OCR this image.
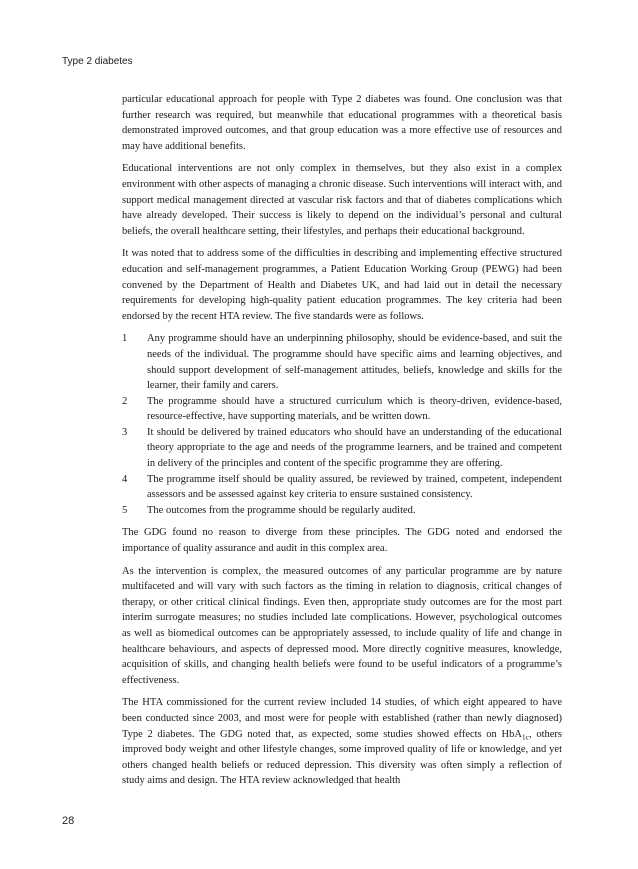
Type 2 diabetes

particular educational approach for people with Type 2 diabetes was found. One conclusion was that further research was required, but meanwhile that educational programmes with a theoretical basis demonstrated improved outcomes, and that group education was a more effective use of resources and may have additional benefits.

Educational interventions are not only complex in themselves, but they also exist in a complex environment with other aspects of managing a chronic disease. Such interventions will interact with, and support medical management directed at vascular risk factors and that of diabetes complications which have already developed. Their success is likely to depend on the individual’s personal and cultural beliefs, the overall healthcare setting, their lifestyles, and perhaps their educational background.

It was noted that to address some of the difficulties in describing and implementing effective structured education and self-management programmes, a Patient Education Working Group (PEWG) had been convened by the Department of Health and Diabetes UK, and had laid out in detail the necessary requirements for developing high-quality patient education programmes. The key criteria had been endorsed by the recent HTA review. The five standards were as follows.

1 Any programme should have an underpinning philosophy, should be evidence-based, and suit the needs of the individual. The programme should have specific aims and learning objectives, and should support development of self-management attitudes, beliefs, knowledge and skills for the learner, their family and carers.
2 The programme should have a structured curriculum which is theory-driven, evidence-based, resource-effective, have supporting materials, and be written down.
3 It should be delivered by trained educators who should have an understanding of the educational theory appropriate to the age and needs of the programme learners, and be trained and competent in delivery of the principles and content of the specific programme they are offering.
4 The programme itself should be quality assured, be reviewed by trained, competent, independent assessors and be assessed against key criteria to ensure sustained consistency.
5 The outcomes from the programme should be regularly audited.

The GDG found no reason to diverge from these principles. The GDG noted and endorsed the importance of quality assurance and audit in this complex area.

As the intervention is complex, the measured outcomes of any particular programme are by nature multifaceted and will vary with such factors as the timing in relation to diagnosis, critical changes of therapy, or other critical clinical findings. Even then, appropriate study outcomes are for the most part interim surrogate measures; no studies included late complications. However, psychological outcomes as well as biomedical outcomes can be appropriately assessed, to include quality of life and change in healthcare behaviours, and aspects of depressed mood. More directly cognitive measures, knowledge, acquisition of skills, and changing health beliefs were found to be useful indicators of a programme’s effectiveness.

The HTA commissioned for the current review included 14 studies, of which eight appeared to have been conducted since 2003, and most were for people with established (rather than newly diagnosed) Type 2 diabetes. The GDG noted that, as expected, some studies showed effects on HbA$_{1c}$, others improved body weight and other lifestyle changes, some improved quality of life or knowledge, and yet others changed health beliefs or reduced depression. This diversity was often simply a reflection of study aims and design. The HTA review acknowledged that health

28
